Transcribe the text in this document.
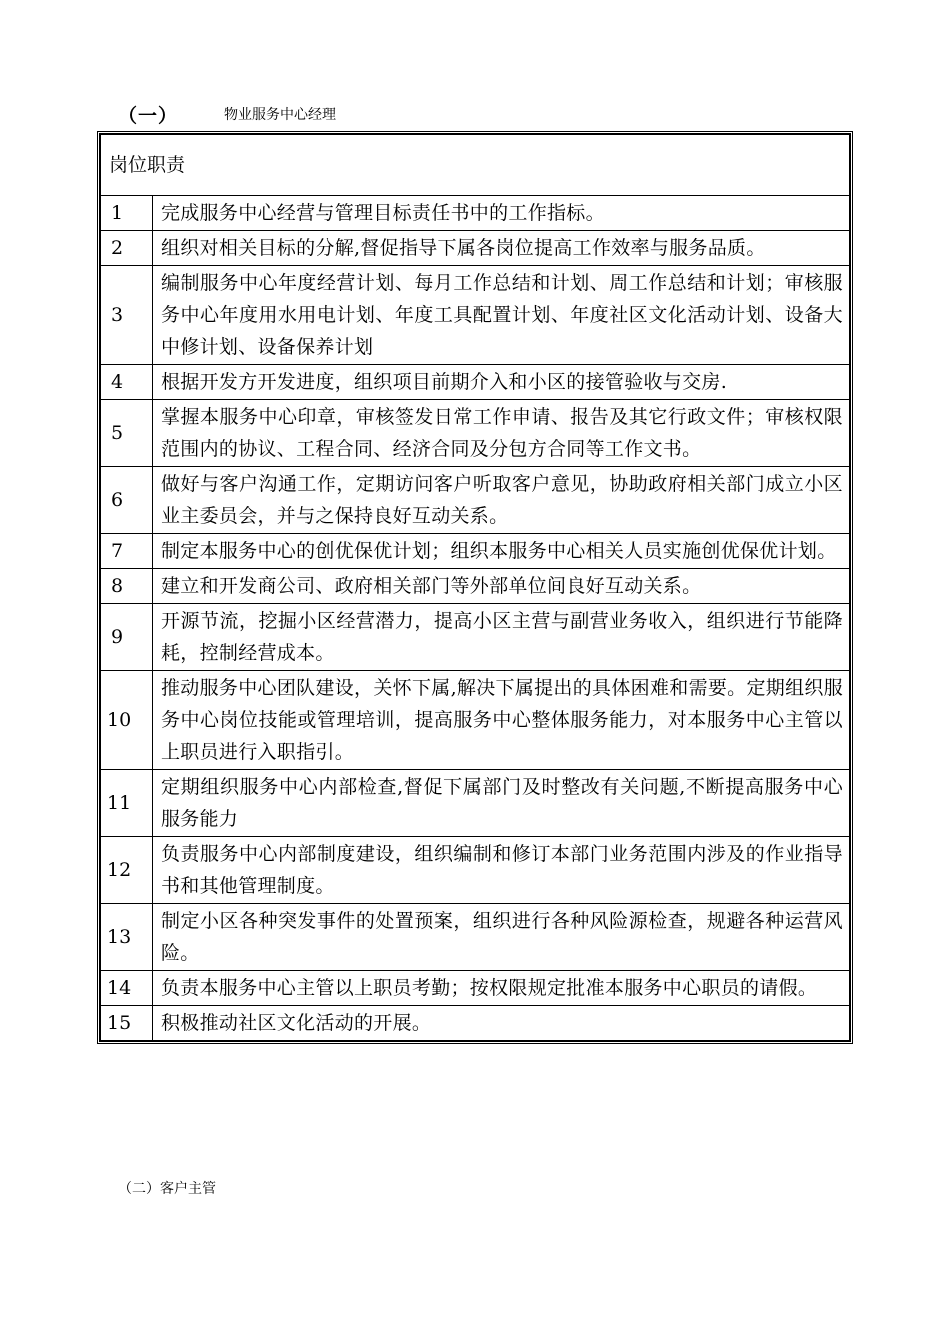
（一）	物业服务中心经理
岗位职责	
1	完成服务中心经营与管理目标责任书中的工作指标。
2	组织对相关目标的分解,督促指导下属各岗位提高工作效率与服务品质。
3	编制服务中心年度经营计划、每月工作总结和计划、周工作总结和计划；审核服务中心年度用水用电计划、年度工具配置计划、年度社区文化活动计划、设备大中修计划、设备保养计划
4	根据开发方开发进度，组织项目前期介入和小区的接管验收与交房.
5	掌握本服务中心印章，审核签发日常工作申请、报告及其它行政文件；审核权限范围内的协议、工程合同、经济合同及分包方合同等工作文书。
6	做好与客户沟通工作，定期访问客户听取客户意见，协助政府相关部门成立小区业主委员会，并与之保持良好互动关系。
7	制定本服务中心的创优保优计划；组织本服务中心相关人员实施创优保优计划。
8	建立和开发商公司、政府相关部门等外部单位间良好互动关系。
9	开源节流，挖掘小区经营潜力，提高小区主营与副营业务收入，组织进行节能降耗，控制经营成本。
10	推动服务中心团队建设，关怀下属,解决下属提出的具体困难和需要。定期组织服务中心岗位技能或管理培训，提高服务中心整体服务能力，对本服务中心主管以上职员进行入职指引。
11	定期组织服务中心内部检查,督促下属部门及时整改有关问题,不断提高服务中心服务能力
12	负责服务中心内部制度建设，组织编制和修订本部门业务范围内涉及的作业指导书和其他管理制度。
13	制定小区各种突发事件的处置预案，组织进行各种风险源检查，规避各种运营风险。
14	负责本服务中心主管以上职员考勤；按权限规定批准本服务中心职员的请假。
15	积极推动社区文化活动的开展。
（二）客户主管
